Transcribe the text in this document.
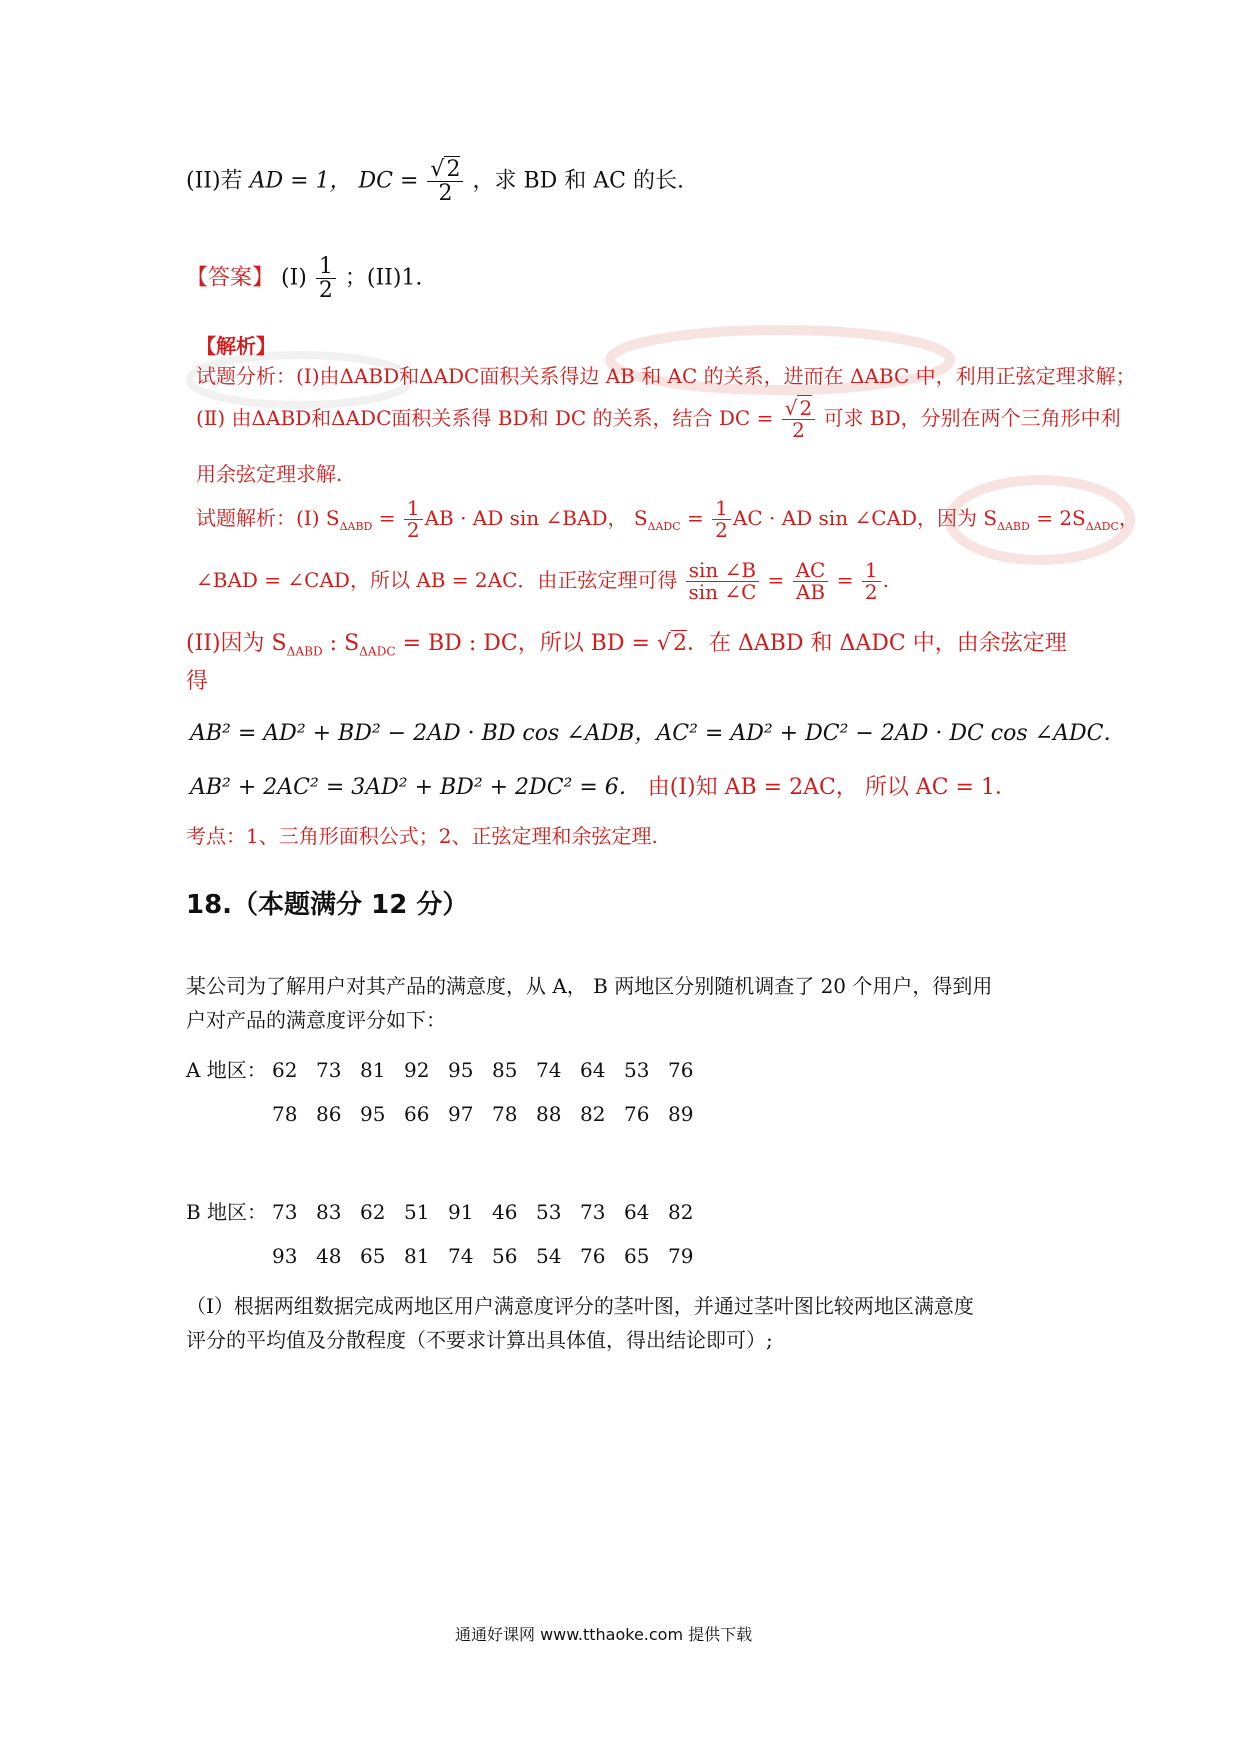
(II)若 AD = 1， DC = $\frac{√2}{2}$ ，求 BD 和 AC 的长.
【答案】 (Ⅰ) $\frac{1}{2}$ ；(II)1.
【解析】
试题分析：(Ⅰ)由ΔABD和ΔADC面积关系得边 AB 和 AC 的关系，进而在 ΔABC 中，利用正弦定理求解；
(Ⅱ) 由ΔABD和ΔADC面积关系得 BD和 DC 的关系，结合 DC = $\frac{√ 2}{2}$ 可求 BD，分别在两个三角形中利
用余弦定理求解.
试题解析：(Ⅰ) $S_{\Delta ABD} = \frac{1}{2}$ AB · AD sin ∠BAD， $S_{\Delta ADC} = \frac{1}{2}$ AC · AD sin ∠CAD，因为 $S_{\Delta ABD} = 2S_{\Delta ADC}$，
∠BAD = ∠CAD，所以 AB = 2AC．由正弦定理可得 $\frac{\sin \angle B}{\sin \angle C} = \frac{AC}{AB} = \frac{1}{2}$ .
(II)因为 $S_{\Delta ABD}$ : $S_{\Delta ADC}$ = BD : DC，所以 BD = √2．在 ΔABD 和 ΔADC 中，由余弦定理
得
AB² = AD² + BD² − 2AD · BD cos ∠ADB，AC² = AD² + DC² − 2AD · DC cos ∠ADC．
AB² + 2AC² = 3AD² + BD² + 2DC² = 6． 由(I)知 AB = 2AC， 所以 AC = 1．
考点：1、三角形面积公式；2、正弦定理和余弦定理.
18.（本题满分 12 分）
某公司为了解用户对其产品的满意度，从 A， B 两地区分别随机调查了 20 个用户，得到用
户对产品的满意度评分如下：
A 地区： 62 73 81 92 95 85 74 64 53 76
78 86 95 66 97 78 88 82 76 89
B 地区： 73 83 62 51 91 46 53 73 64 82
93 48 65 81 74 56 54 76 65 79
（I）根据两组数据完成两地区用户满意度评分的茎叶图，并通过茎叶图比较两地区满意度
评分的平均值及分散程度（不要求计算出具体值，得出结论即可）;
通通好课网 www.tthaoke.com 提供下载
